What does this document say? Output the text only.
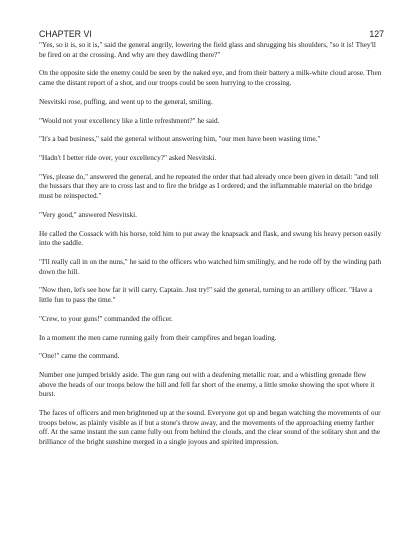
CHAPTER VI	127

"Yes, so it is, so it is," said the general angrily, lowering the field glass and shrugging his shoulders, "so it is! They'll be fired on at the crossing. And why are they dawdling there?"

On the opposite side the enemy could be seen by the naked eye, and from their battery a milk-white cloud arose. Then came the distant report of a shot, and our troops could be seen hurrying to the crossing.

Nesvitski rose, puffing, and went up to the general, smiling.

"Would not your excellency like a little refreshment?" he said.

"It's a bad business," said the general without answering him, "our men have been wasting time."

"Hadn't I better ride over, your excellency?" asked Nesvitski.

"Yes, please do," answered the general, and he repeated the order that had already once been given in detail: "and tell the hussars that they are to cross last and to fire the bridge as I ordered; and the inflammable material on the bridge must be reinspected."

"Very good," answered Nesvitski.

He called the Cossack with his horse, told him to put away the knapsack and flask, and swung his heavy person easily into the saddle.

"I'll really call in on the nuns," he said to the officers who watched him smilingly, and he rode off by the winding path down the hill.

"Now then, let's see how far it will carry, Captain. Just try!" said the general, turning to an artillery officer. "Have a little fun to pass the time."

"Crew, to your guns!" commanded the officer.

In a moment the men came running gaily from their campfires and began loading.

"One!" came the command.

Number one jumped briskly aside. The gun rang out with a deafening metallic roar, and a whistling grenade flew above the heads of our troops below the hill and fell far short of the enemy, a little smoke showing the spot where it burst.

The faces of officers and men brightened up at the sound. Everyone got up and began watching the movements of our troops below, as plainly visible as if but a stone's throw away, and the movements of the approaching enemy farther off. At the same instant the sun came fully out from behind the clouds, and the clear sound of the solitary shot and the brilliance of the bright sunshine merged in a single joyous and spirited impression.
